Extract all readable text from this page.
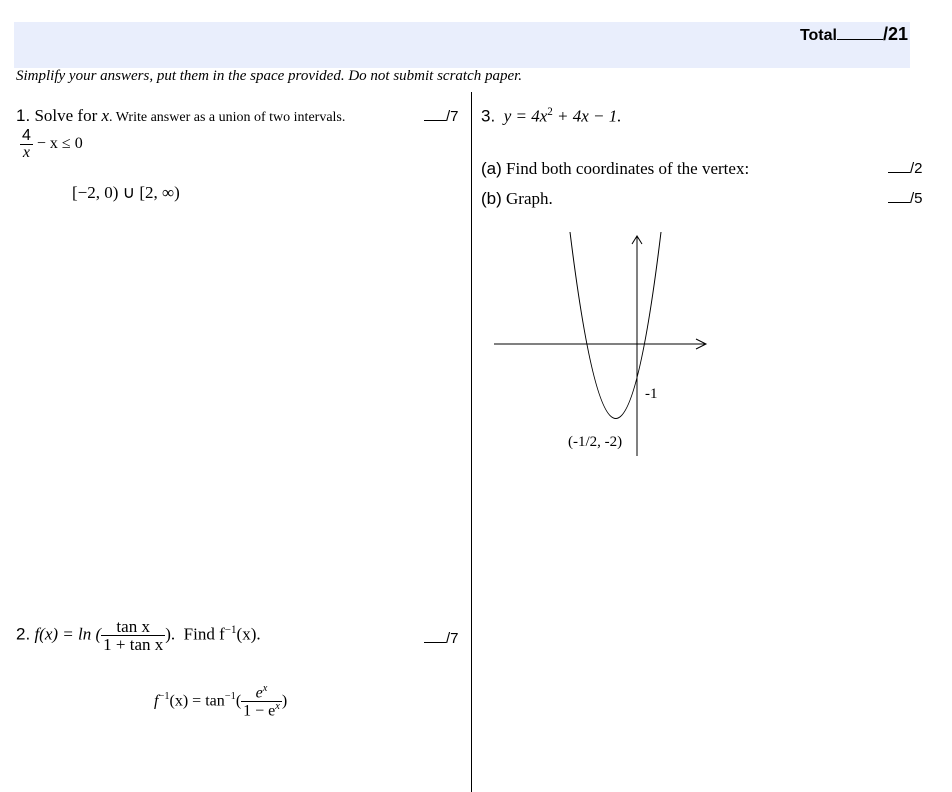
Total	/21
Simplify your answers, put them in the space provided. Do not submit scratch paper.
1. Solve for x. Write answer as a union of two intervals.	/7
$\frac{4}{x} - x \le 0$
[−2, 0) ∪ [2, ∞)
2. f(x) = ln ( $\frac{\text{tan x}}{\text{1 + tan x}}$ ). Find $f^{-1}(x)$.	/7
$f^{-1}(x) = \tan^{-1}( \frac{e^x}{1 - e^x}$ )
3. $y = 4x^2 + 4x - 1$.
(a) Find both coordinates of the vertex:	/2
(b) Graph.	/5
-1
(-1/2, -2)
